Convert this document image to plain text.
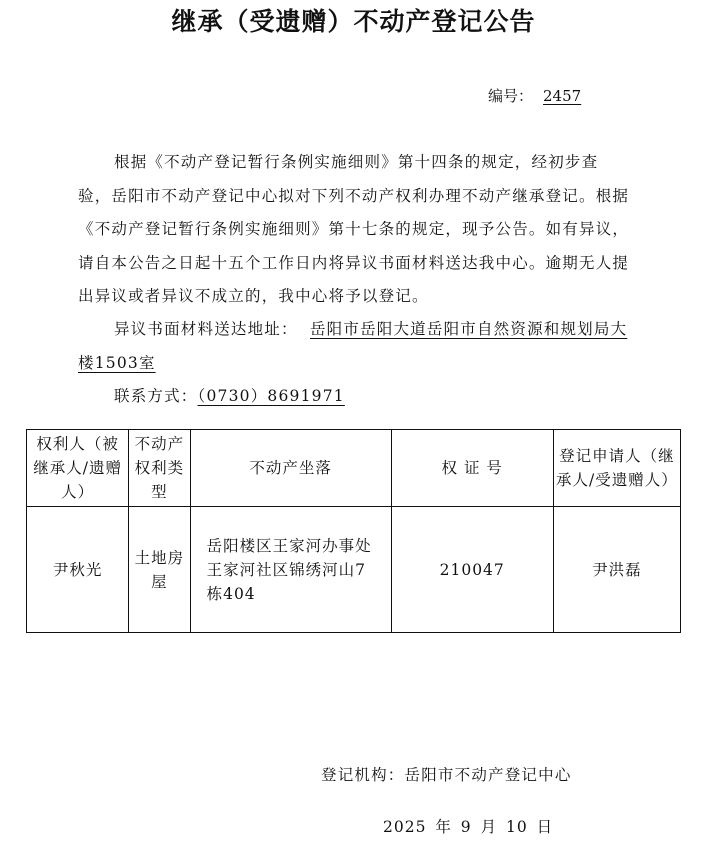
继承（受遗赠）不动产登记公告
编号： 2457
根据《不动产登记暂行条例实施细则》第十四条的规定，经初步查验，岳阳市不动产登记中心拟对下列不动产权利办理不动产继承登记。根据《不动产登记暂行条例实施细则》第十七条的规定，现予公告。如有异议，请自本公告之日起十五个工作日内将异议书面材料送达我中心。逾期无人提出异议或者异议不成立的，我中心将予以登记。
异议书面材料送达地址： 岳阳市岳阳大道岳阳市自然资源和规划局大楼1503室
联系方式：（0730）8691971
权利人（被继承人/遗赠人）	不动产权利类型	不动产坐落	权 证 号	登记申请人（继承人/受遗赠人）
尹秋光	土地房屋	岳阳楼区王家河办事处王家河社区锦绣河山7栋404	210047	尹洪磊
登记机构：岳阳市不动产登记中心
2025 年 9 月 10 日
